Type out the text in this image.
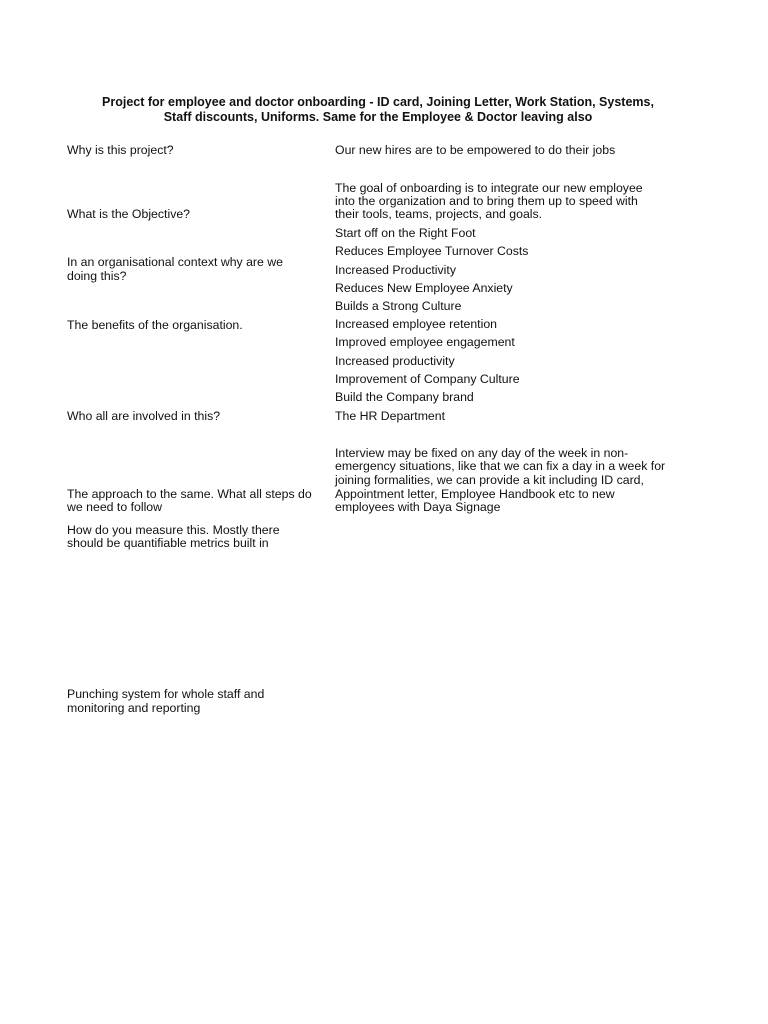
Project for employee and doctor onboarding - ID card, Joining Letter, Work Station, Systems,
Staff discounts, Uniforms. Same for the Employee & Doctor leaving also
Why is this project?
What is the Objective?
In an organisational context why are we
doing this?
The benefits of the organisation.
Who all are involved in this?
The approach to the same. What all steps do
we need to follow
How do you measure this. Mostly there
should be quantifiable metrics built in
Punching system for whole staff and
monitoring and reporting
Our new hires are to be empowered to do their jobs
The goal of onboarding is to integrate our new employee
into the organization and to bring them up to speed with
their tools, teams, projects, and goals.
Start off on the Right Foot
Reduces Employee Turnover Costs
Increased Productivity
Reduces New Employee Anxiety
Builds a Strong Culture
Increased employee retention
Improved employee engagement
Increased productivity
Improvement of Company Culture
Build the Company brand
The HR Department
Interview may be fixed on any day of the week in non-
emergency situations, like that we can fix a day in a week for
joining formalities, we can provide a kit including ID card,
Appointment letter, Employee Handbook etc to new
employees with Daya Signage
